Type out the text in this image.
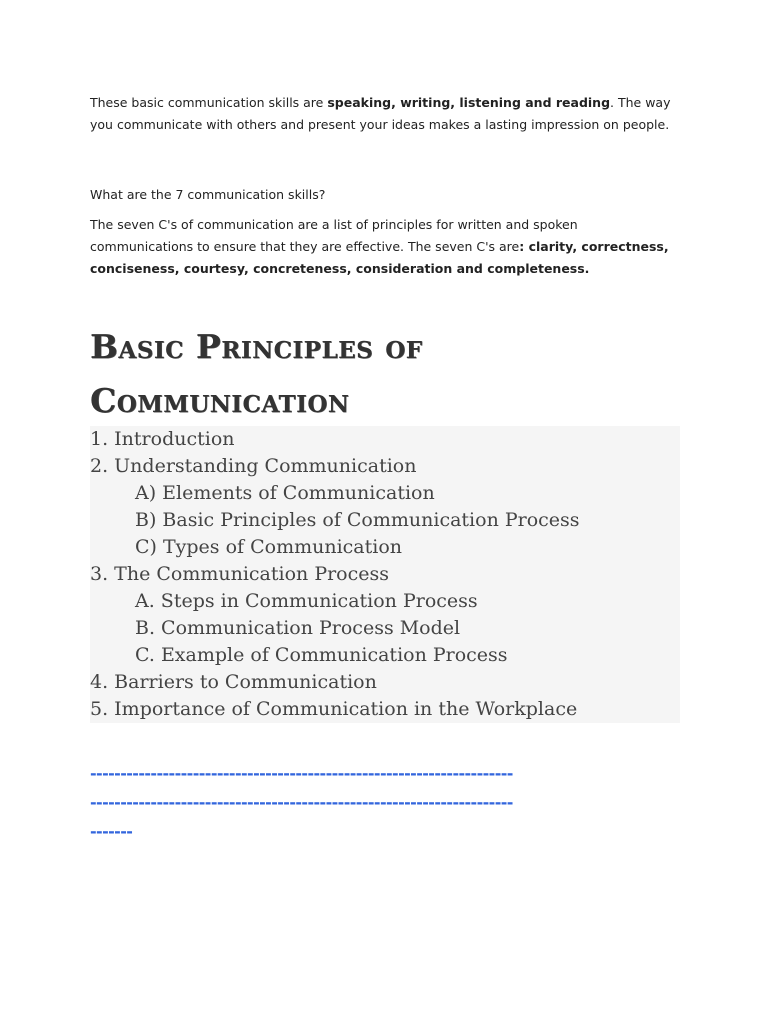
These basic communication skills are speaking, writing, listening and reading. The way you communicate with others and present your ideas makes a lasting impression on people.

What are the 7 communication skills?

The seven C's of communication are a list of principles for written and spoken communications to ensure that they are effective. The seven C's are: clarity, correctness, conciseness, courtesy, concreteness, consideration and completeness.

Basic Principles of
Communication
1. Introduction
2. Understanding Communication
A) Elements of Communication
B) Basic Principles of Communication Process
C) Types of Communication
3. The Communication Process
A. Steps in Communication Process
B. Communication Process Model
C. Example of Communication Process
4. Barriers to Communication
5. Importance of Communication in the Workplace
----------------------------------------------------------------------
----------------------------------------------------------------------
-------
